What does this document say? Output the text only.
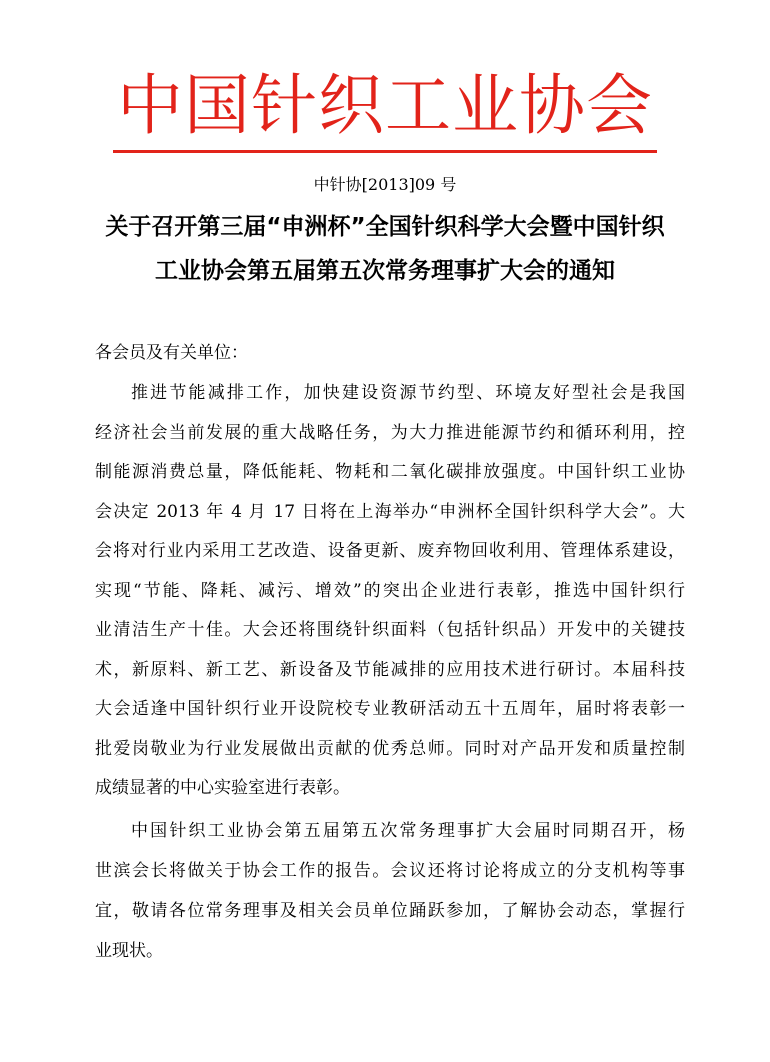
中国针织工业协会
中针协[2013]09 号
关于召开第三届“申洲杯”全国针织科学大会暨中国针织
工业协会第五届第五次常务理事扩大会的通知
各会员及有关单位：
推进节能减排工作，加快建设资源节约型、环境友好型社会是我国
经济社会当前发展的重大战略任务，为大力推进能源节约和循环利用，控
制能源消费总量，降低能耗、物耗和二氧化碳排放强度。中国针织工业协
会决定 2013 年 4 月 17 日将在上海举办“申洲杯全国针织科学大会”。大
会将对行业内采用工艺改造、设备更新、废弃物回收利用、管理体系建设，
实现“节能、降耗、减污、增效”的突出企业进行表彰，推选中国针织行
业清洁生产十佳。大会还将围绕针织面料（包括针织品）开发中的关键技
术，新原料、新工艺、新设备及节能减排的应用技术进行研讨。本届科技
大会适逢中国针织行业开设院校专业教研活动五十五周年，届时将表彰一
批爱岗敬业为行业发展做出贡献的优秀总师。同时对产品开发和质量控制
成绩显著的中心实验室进行表彰。
中国针织工业协会第五届第五次常务理事扩大会届时同期召开，杨
世滨会长将做关于协会工作的报告。会议还将讨论将成立的分支机构等事
宜，敬请各位常务理事及相关会员单位踊跃参加，了解协会动态，掌握行
业现状。
